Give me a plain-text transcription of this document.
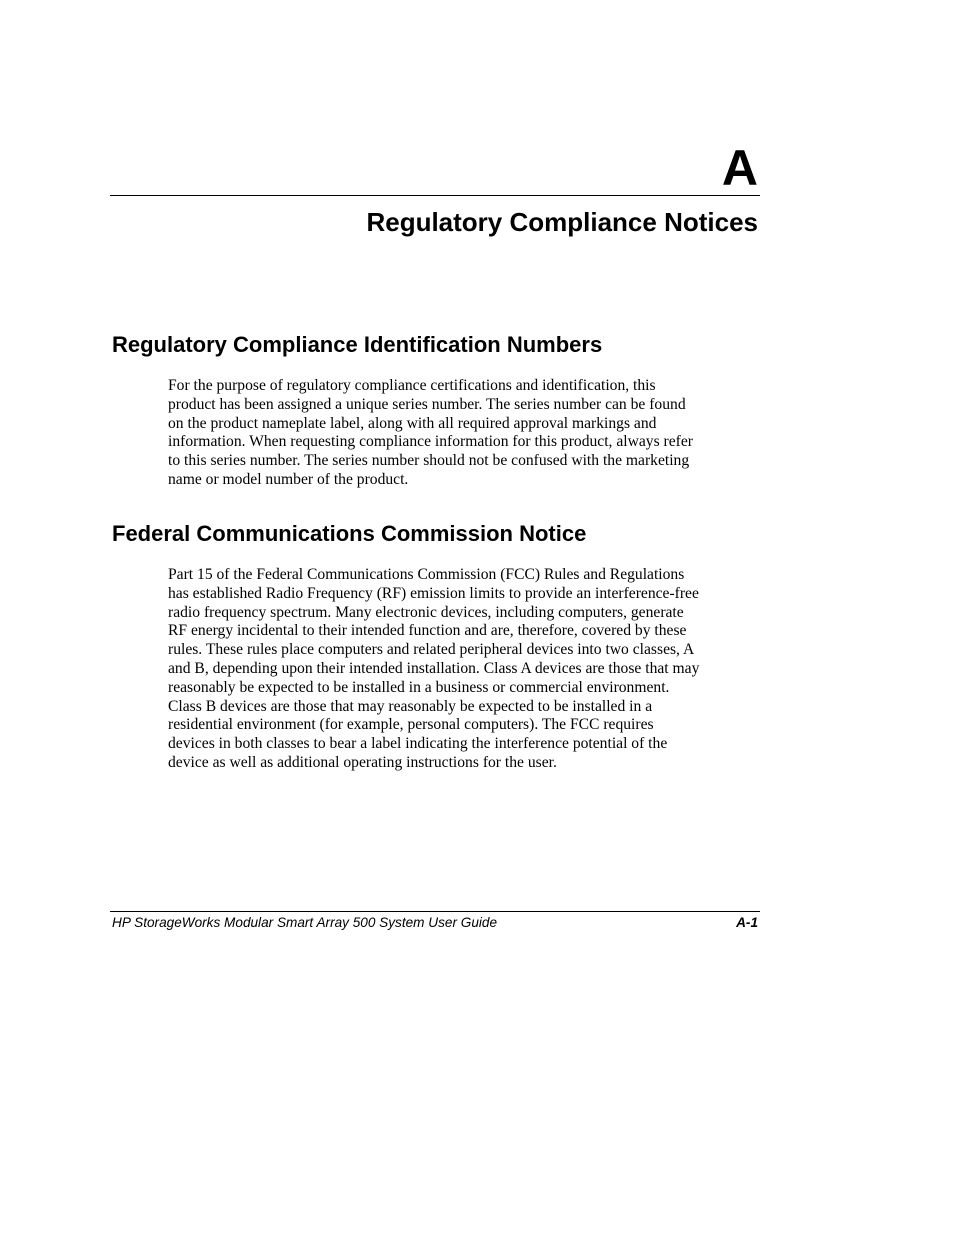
A
Regulatory Compliance Notices
Regulatory Compliance Identification Numbers
For the purpose of regulatory compliance certifications and identification, this
product has been assigned a unique series number. The series number can be found
on the product nameplate label, along with all required approval markings and
information. When requesting compliance information for this product, always refer
to this series number. The series number should not be confused with the marketing
name or model number of the product.
Federal Communications Commission Notice
Part 15 of the Federal Communications Commission (FCC) Rules and Regulations
has established Radio Frequency (RF) emission limits to provide an interference-free
radio frequency spectrum. Many electronic devices, including computers, generate
RF energy incidental to their intended function and are, therefore, covered by these
rules. These rules place computers and related peripheral devices into two classes, A
and B, depending upon their intended installation. Class A devices are those that may
reasonably be expected to be installed in a business or commercial environment.
Class B devices are those that may reasonably be expected to be installed in a
residential environment (for example, personal computers). The FCC requires
devices in both classes to bear a label indicating the interference potential of the
device as well as additional operating instructions for the user.
HP StorageWorks Modular Smart Array 500 System User Guide	A-1
